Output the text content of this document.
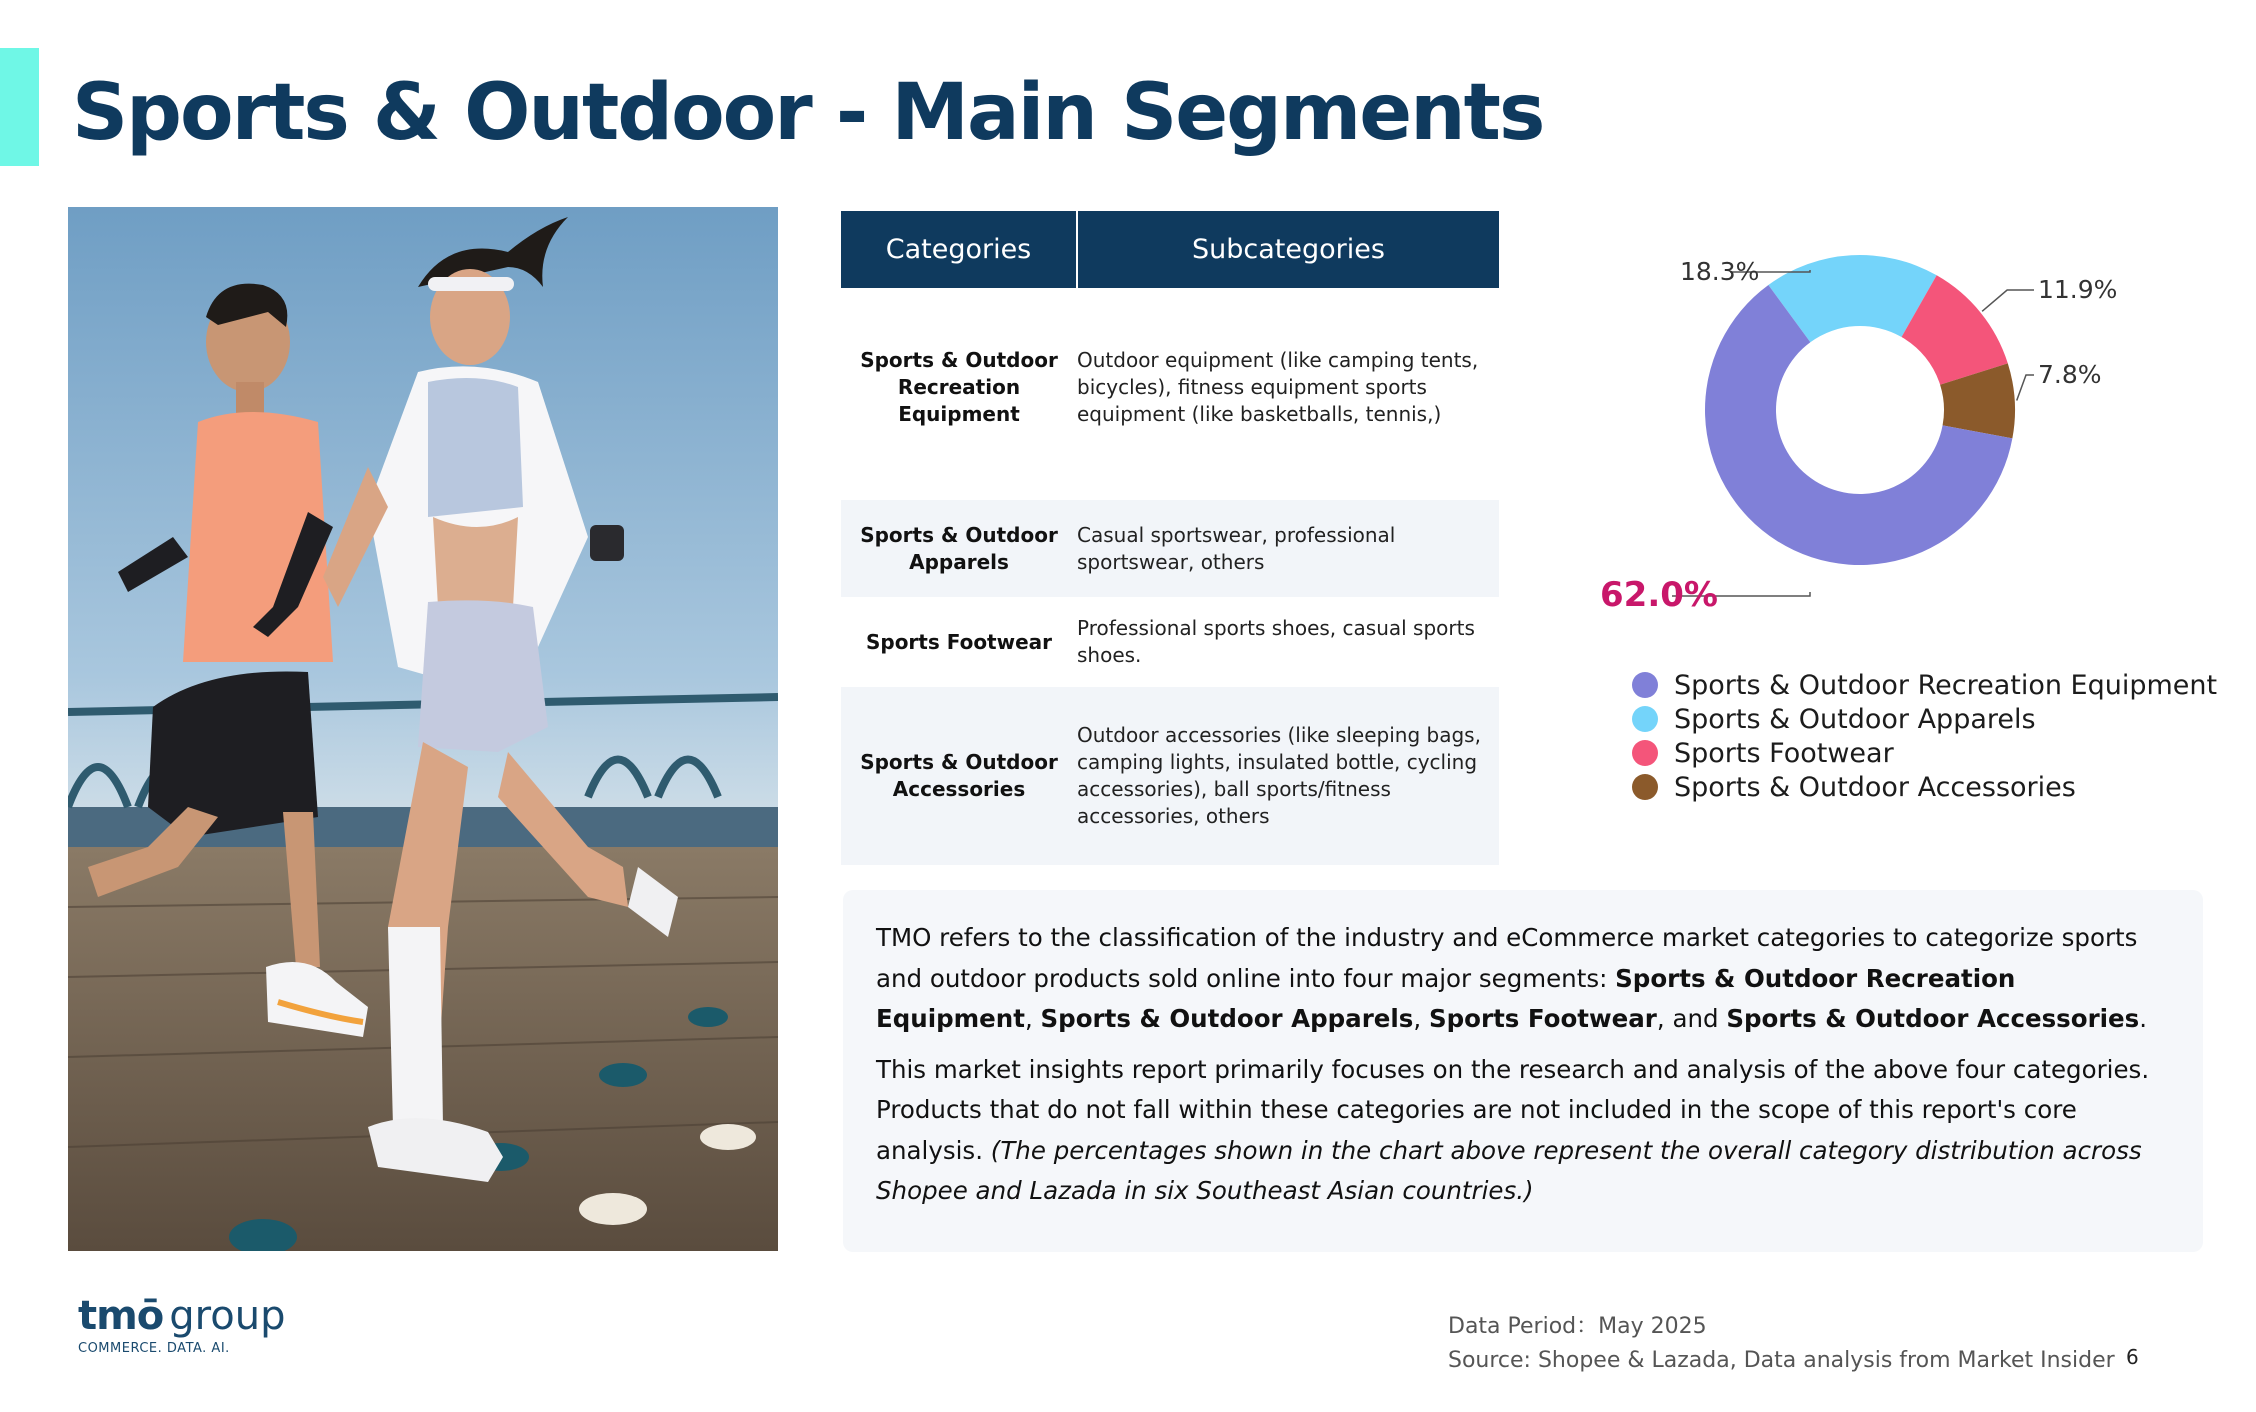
Sports & Outdoor - Main Segments
Categories	Subcategories
Sports & Outdoor Recreation Equipment	Outdoor equipment (like camping tents, bicycles), fitness equipment sports equipment (like basketballs, tennis,)

Sports & Outdoor Apparels	Casual sportswear, professional sportswear, others
Sports Footwear	Professional sports shoes, casual sports shoes.
Sports & Outdoor Accessories	Outdoor accessories (like sleeping bags, camping lights, insulated bottle, cycling accessories), ball sports/fitness accessories, others
62.0%
18.3%
11.9%
7.8%
Sports & Outdoor Recreation Equipment
Sports & Outdoor Apparels
Sports Footwear
Sports & Outdoor Accessories

TMO refers to the classification of the industry and eCommerce market categories to categorize sports and outdoor products sold online into four major segments: Sports & Outdoor Recreation Equipment, Sports & Outdoor Apparels, Sports Footwear, and Sports & Outdoor Accessories.

This market insights report primarily focuses on the research and analysis of the above four categories. Products that do not fall within these categories are not included in the scope of this report's core analysis. (The percentages shown in the chart above represent the overall category distribution across Shopee and Lazada in six Southeast Asian countries.)

tmō group
COMMERCE. DATA. AI.
Data Period：May 2025
Source: Shopee & Lazada, Data analysis from Market Insider 6
